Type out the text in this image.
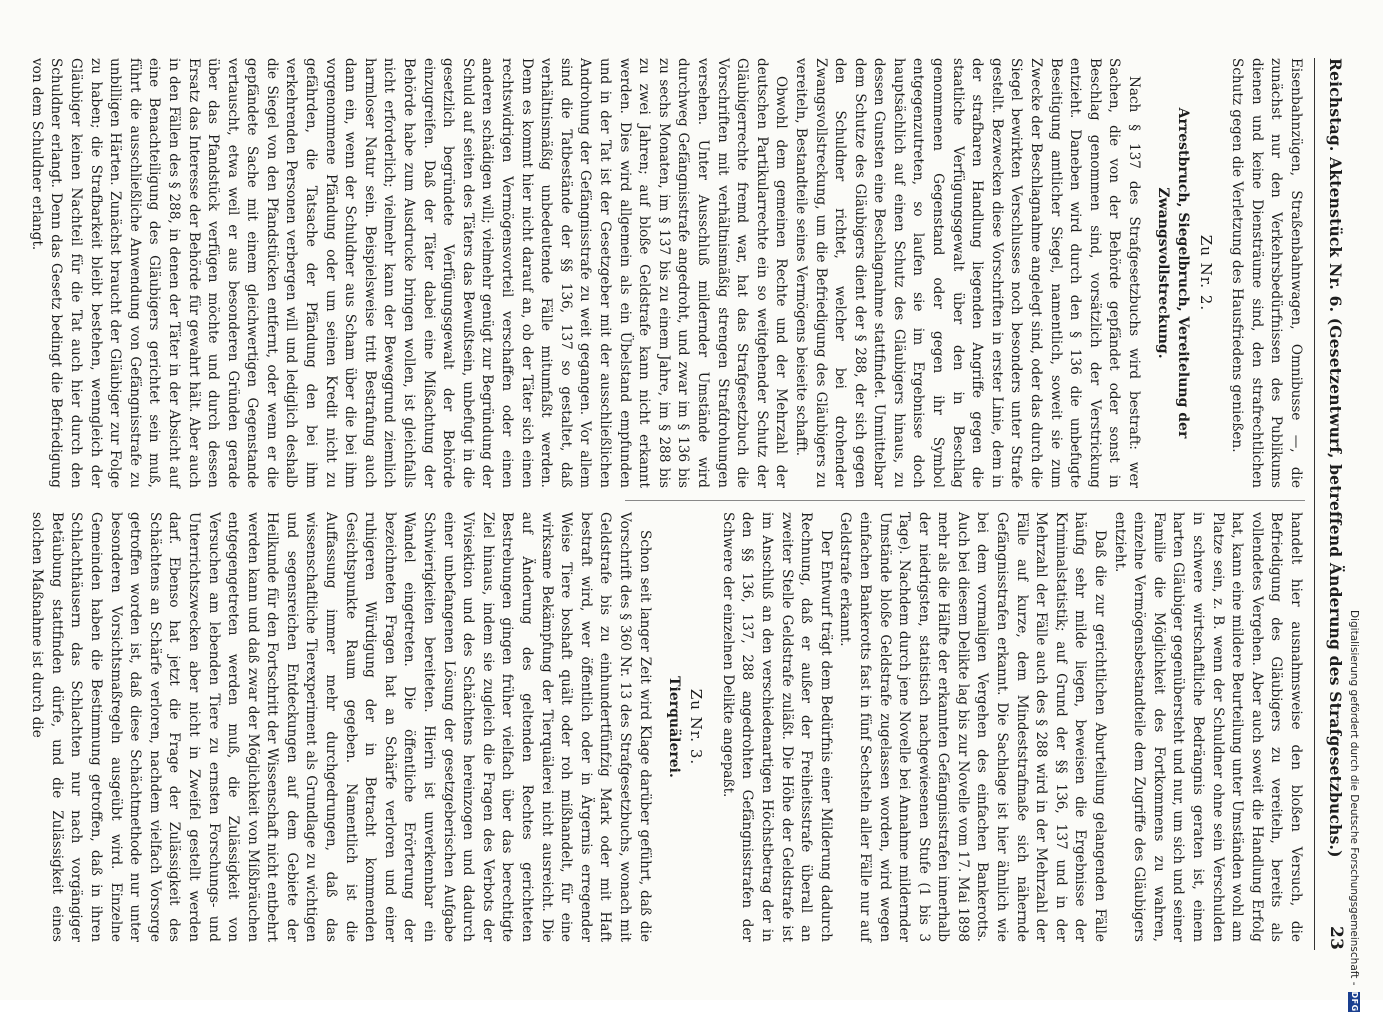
Reichstag. Aktenstück Nr. 6. (Gesetzentwurf, betreffend Änderung des Strafgesetzbuchs.)
23

Eisenbahnzügen, Straßenbahnwagen, Omnibusse —, die zunächst nur den Verkehrsbedürfnissen des Publikums dienen und keine Diensträume sind, den strafrechtlichen Schutz gegen die Verletzung des Hausfriedens genießen.

Zu Nr. 2.
Arrestbruch, Siegelbruch, Vereitelung der Zwangsvollstreckung.

Nach § 137 des Strafgesetzbuchs wird bestraft: wer Sachen, die von der Behörde gepfändet oder sonst in Beschlag genommen sind, vorsätzlich der Verstrickung entzieht. Daneben wird durch den § 136 die unbefugte Beseitigung amtlicher Siegel, namentlich, soweit sie zum Zwecke der Beschlagnahme angelegt sind, oder das durch die Siegel bewirkten Verschlusses noch besonders unter Strafe gestellt. Bezwecken diese Vorschriften in erster Linie, dem in der strafbaren Handlung liegenden Angriffe gegen die staatliche Verfügungsgewalt über den in Beschlag genommenen Gegenstand oder gegen ihr Symbol entgegenzutreten, so laufen sie im Ergebnisse doch hauptsächlich auf einen Schutz des Gläubigers hinaus, zu dessen Gunsten eine Beschlagnahme stattfindet. Unmittelbar dem Schutze des Gläubigers dient der § 288, der sich gegen den Schuldner richtet, welcher bei drohender Zwangsvollstreckung, um die Befriedigung des Gläubigers zu vereiteln, Bestandteile seines Vermögens beiseite schafft.

Obwohl dem gemeinen Rechte und der Mehrzahl der deutschen Partikularrechte ein so weitgehender Schutz der Gläubigerrechte fremd war, hat das Strafgesetzbuch die Vorschriften mit verhältnismäßig strengen Strafdrohungen versehen. Unter Ausschluß mildernder Umstände wird durchweg Gefängnisstrafe angedroht, und zwar im § 136 bis zu sechs Monaten, im § 137 bis zu einem Jahre, im § 288 bis zu zwei Jahren; auf bloße Geldstrafe kann nicht erkannt werden. Dies wird allgemein als ein Übelstand empfunden und in der Tat ist der Gesetzgeber mit der ausschließlichen Androhung der Gefängnisstrafe zu weit gegangen. Vor allem sind die Tatbestände der §§ 136, 137 so gestaltet, daß verhältnismäßig unbedeutende Fälle mitumfaßt werden. Denn es kommt hier nicht darauf an, ob der Täter sich einen rechtswidrigen Vermögensvorteil verschaffen oder einen anderen schädigen will; vielmehr genügt zur Begründung der Schuld auf seiten des Täters das Bewußtsein, unbefugt in die gesetzlich begründete Verfügungsgewalt der Behörde einzugreifen. Daß der Täter dabei eine Mißachtung der Behörde habe zum Ausdrucke bringen wollen, ist gleichfalls nicht erforderlich; vielmehr kann der Beweggrund ziemlich harmloser Natur sein. Beispielsweise tritt Bestrafung auch dann ein, wenn der Schuldner aus Scham über die bei ihm vorgenommene Pfändung oder um seinen Kredit nicht zu gefährden, die Tatsache der Pfändung den bei ihm verkehrenden Personen verbergen will und lediglich deshalb die Siegel von den Pfandstücken entfernt, oder wenn er die gepfändete Sache mit einem gleichwertigen Gegenstande vertauscht, etwa weil er aus besonderen Gründen gerade über das Pfandstück verfügen möchte und durch dessen Ersatz das Interesse der Behörde für gewahrt hält. Aber auch in den Fällen des § 288, in denen der Täter in der Absicht auf eine Benachteiligung des Gläubigers gerichtet sein muß, führt die ausschließliche Anwendung von Gefängnisstrafe zu unbilligen Härten. Zunächst braucht der Gläubiger zur Folge zu haben; die Strafbarkeit bleibt bestehen, wenngleich der Gläubiger keinen Nachteil für die Tat auch hier durch den Schuldner erlangt. Denn das Gesetz bedingt die Befriedigung von dem Schuldner erlangt.

handelt hier ausnahmsweise den bloßen Versuch, die Befriedigung des Gläubigers zu vereiteln, bereits als vollendetes Vergehen. Aber auch soweit die Handlung Erfolg hat, kann eine mildere Beurteilung unter Umständen wohl am Platze sein, z. B. wenn der Schuldner ohne sein Verschulden in schwere wirtschaftliche Bedrängnis geraten ist, einem harten Gläubiger gegenübersteht und nur, um sich und seiner Familie die Möglichkeit des Fortkommens zu wahren, einzelne Vermögensbestandteile dem Zugriffe des Gläubigers entzieht.

Daß die zur gerichtlichen Aburteilung gelangenden Fälle häufig sehr milde liegen, beweisen die Ergebnisse der Kriminalstatistik; auf Grund der §§ 136, 137 und in der Mehrzahl der Fälle auch des § 288 wird in der Mehrzahl der Fälle auf kurze, dem Mindeststrafmaße sich nähernde Gefängnisstrafen erkannt. Die Sachlage ist hier ähnlich wie bei dem vormaligen Vergehen des einfachen Bankerotts. Auch bei diesem Delikte lag bis zur Novelle vom 17. Mai 1898 mehr als die Hälfte der erkannten Gefängnisstrafen innerhalb der niedrigsten, statistisch nachgewiesenen Stufe (1 bis 3 Tage). Nachdem durch jene Novelle bei Annahme mildernder Umstände bloße Geldstrafe zugelassen worden, wird wegen einfachen Bankerotts fast in fünf Sechsteln aller Fälle nur auf Geldstrafe erkannt.

Der Entwurf trägt dem Bedürfnis einer Milderung dadurch Rechnung, daß er außer der Freiheitsstrafe überall an zweiter Stelle Geldstrafe zuläßt. Die Höhe der Geldstrafe ist im Anschluß an den verschiedenartigen Höchstbetrag der in den §§ 136, 137, 288 angedrohten Gefängnisstrafen der Schwere der einzelnen Delikte angepaßt.

Zu Nr. 3.
Tierquälerei.

Schon seit langer Zeit wird Klage darüber geführt, daß die Vorschrift des § 360 Nr. 13 des Strafgesetzbuchs, wonach mit Geldstrafe bis zu einhundertfünfzig Mark oder mit Haft bestraft wird, wer öffentlich oder in Ärgernis erregender Weise Tiere boshaft quält oder roh mißhandelt, für eine wirksame Bekämpfung der Tierquälerei nicht ausreicht. Die auf Änderung des geltenden Rechtes gerichteten Bestrebungen gingen früher vielfach über das berechtigte Ziel hinaus, indem sie zugleich die Fragen des Verbots der Vivisektion und des Schächtens hereinzogen und dadurch einer unbefangenen Lösung der gesetzgeberischen Aufgabe Schwierigkeiten bereiteten. Hierin ist unverkennbar ein Wandel eingetreten. Die öffentliche Erörterung der bezeichneten Fragen hat an Schärfe verloren und einer ruhigeren Würdigung der in Betracht kommenden Gesichtspunkte Raum gegeben. Namentlich ist die Auffassung immer mehr durchgedrungen, daß das wissenschaftliche Tierexperiment als Grundlage zu wichtigen und segensreichen Entdeckungen auf dem Gebiete der Heilkunde für den Fortschritt der Wissenschaft nicht entbehrt werden kann und daß zwar der Möglichkeit von Mißbräuchen entgegengetreten werden muß, die Zulässigkeit von Versuchen am lebenden Tiere zu ernsten Forschungs- und Unterrichtszwecken aber nicht in Zweifel gestellt werden darf. Ebenso hat jetzt die Frage der Zulässigkeit des Schächtens an Schärfe verloren, nachdem vielfach Vorsorge getroffen worden ist, daß diese Schächtmethode nur unter besonderen Vorsichtsmaßregeln ausgeübt wird. Einzelne Gemeinden haben die Bestimmung getroffen, daß in ihren Schlachthäusern das Schlachten nur nach vorgängiger Betäubung stattfinden dürfe, und die Zulässigkeit eines solchen Maßnahme ist durch die	Digitalisierung gefördert durch die Deutsche Forschungsgemeinschaft -
DFG
